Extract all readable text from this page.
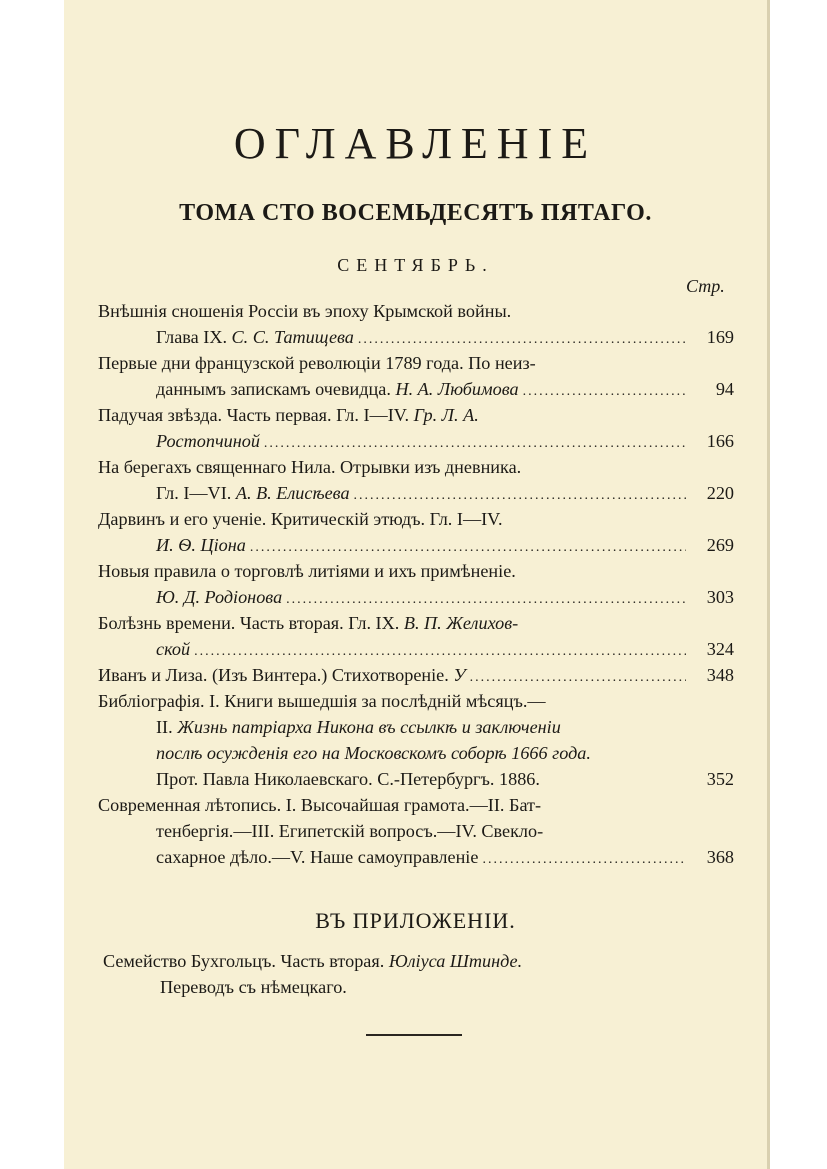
ОГЛАВЛЕНІЕ
ТОМА СТО ВОСЕМЬДЕСЯТЪ ПЯТАГО.
СЕНТЯБРЬ.
Стр.
Внѣшнія сношенія Россіи въ эпоху Крымской войны.
Глава IX. С. С. Татищева .....	169
Первые дни французской революціи 1789 года. По неиз-
даннымъ запискамъ очевидца. Н. А. Любимова .....	94
Падучая звѣзда. Часть первая. Гл. I—IV. Гр. Л. А.
Ростопчиной .....	166
На берегахъ священнаго Нила. Отрывки изъ дневника.
Гл. I—VI. А. В. Елисѣева .....	220
Дарвинъ и его ученіе. Критическій этюдъ. Гл. I—IV.
И. Ѳ. Ціона .....	269
Новыя правила о торговлѣ литіями и ихъ примѣненіе.
Ю. Д. Родіонова .....	303
Болѣзнь времени. Часть вторая. Гл. IX. В. П. Желихов-
ской .....	324
Иванъ и Лиза. (Изъ Винтера.) Стихотвореніе. У .....	348
Библіографія. I. Книги вышедшія за послѣдній мѣсяцъ.—
II. Жизнь патріарха Никона въ ссылкѣ и заключеніи
послѣ осужденія его на Московскомъ соборѣ 1666 года.
Прот. Павла Николаевскаго. С.-Петербургъ. 1886.	352
Современная лѣтопись. I. Высочайшая грамота.—II. Бат-
тенбергія.—III. Египетскій вопросъ.—IV. Свекло-
сахарное дѣло.—V. Наше самоуправленіе .....	368
ВЪ ПРИЛОЖЕНІИ.
Семейство Бухгольцъ. Часть вторая. Юліуса Штинде.
Переводъ съ нѣмецкаго.
